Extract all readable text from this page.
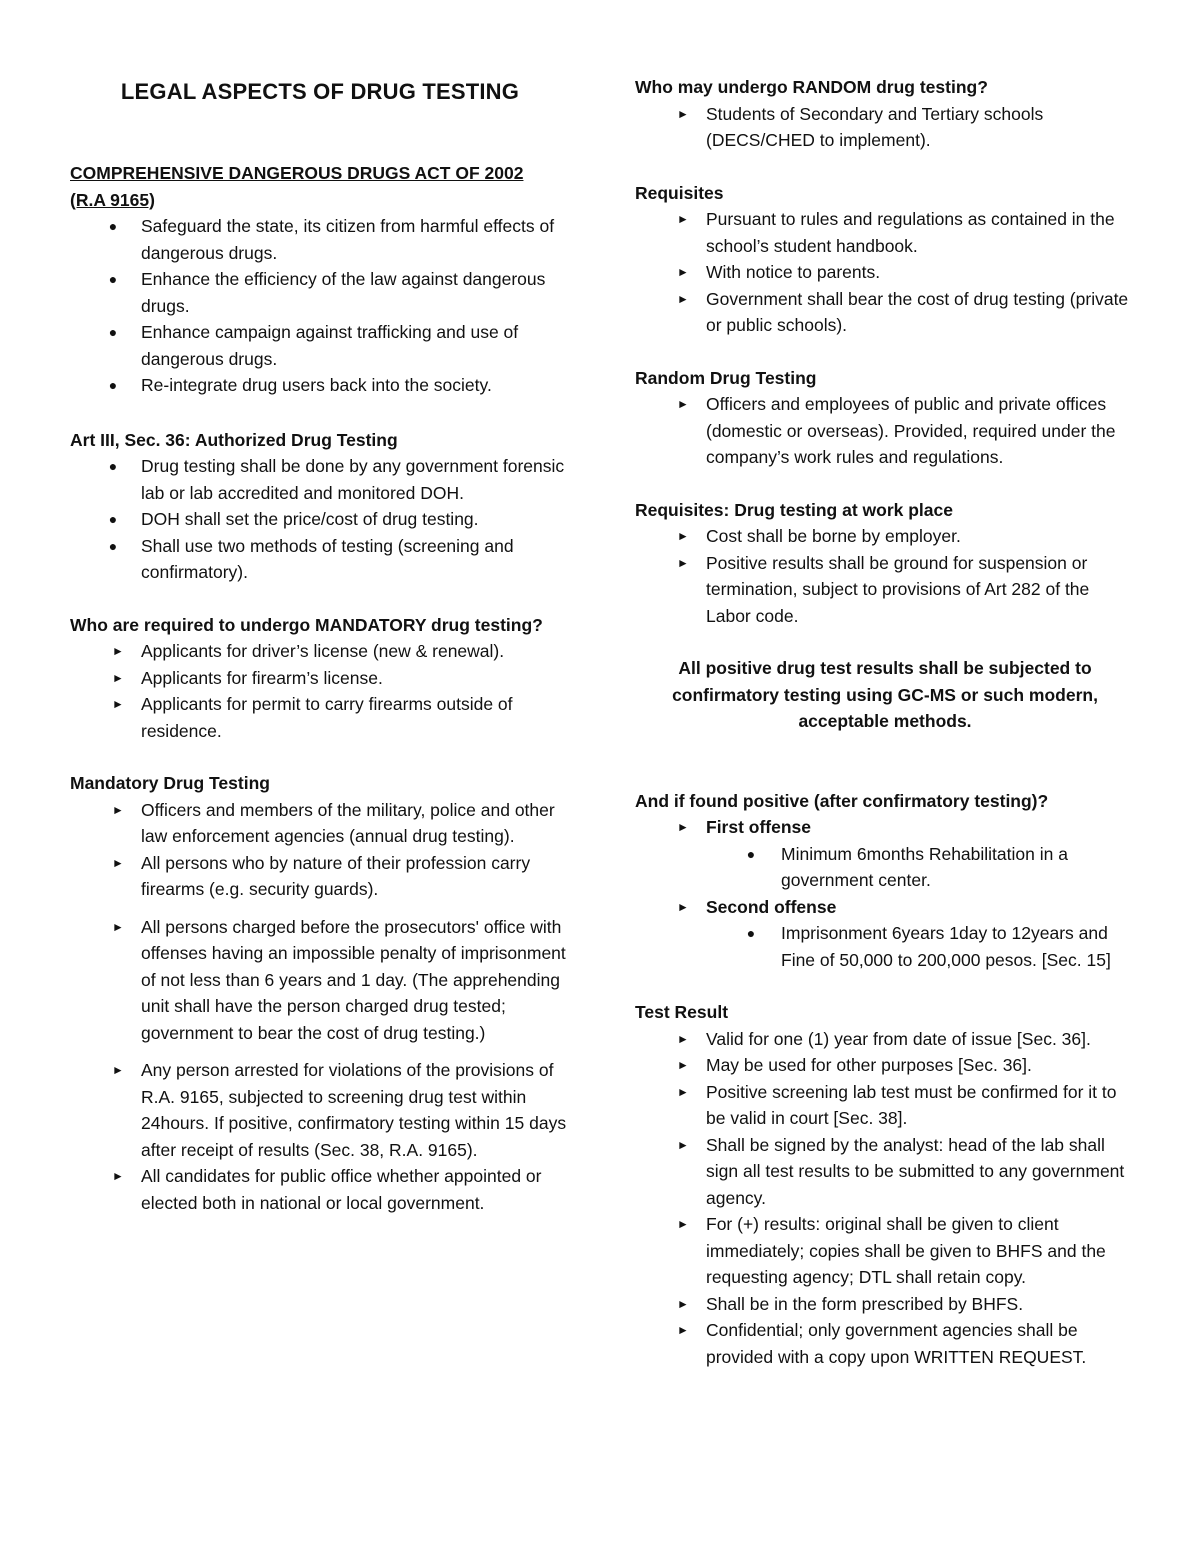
LEGAL ASPECTS OF DRUG TESTING

COMPREHENSIVE DANGEROUS DRUGS ACT OF 2002

(R.A 9165)

●	Safeguard the state, its citizen from harmful effects of dangerous drugs.
●	Enhance the efficiency of the law against dangerous drugs.
●	Enhance campaign against trafficking and use of dangerous drugs.
●	Re-integrate drug users back into the society.

Art III, Sec. 36: Authorized Drug Testing

●	Drug testing shall be done by any government forensic lab or lab accredited and monitored DOH.
●	DOH shall set the price/cost of drug testing.
●	Shall use two methods of testing (screening and confirmatory).

Who are required to undergo MANDATORY drug testing?

► Applicants for driver’s license (new & renewal).
► Applicants for firearm’s license.
► Applicants for permit to carry firearms outside of residence.

Mandatory Drug Testing

► Officers and members of the military, police and other law enforcement agencies (annual drug testing).
► All persons who by nature of their profession carry firearms (e.g. security guards).
► All persons charged before the prosecutors' office with offenses having an impossible penalty of imprisonment of not less than 6 years and 1 day. (The apprehending unit shall have the person charged drug tested; government to bear the cost of drug testing.)
► Any person arrested for violations of the provisions of R.A. 9165, subjected to screening drug test within 24hours. If positive, confirmatory testing within 15 days after receipt of results (Sec. 38, R.A. 9165).
► All candidates for public office whether appointed or elected both in national or local government.

Who may undergo RANDOM drug testing?

► Students of Secondary and Tertiary schools (DECS/CHED to implement).

Requisites

► Pursuant to rules and regulations as contained in the school’s student handbook.
► With notice to parents.
► Government shall bear the cost of drug testing (private or public schools).

Random Drug Testing

► Officers and employees of public and private offices (domestic or overseas). Provided, required under the company’s work rules and regulations.

Requisites: Drug testing at work place

► Cost shall be borne by employer.
► Positive results shall be ground for suspension or termination, subject to provisions of Art 282 of the Labor code.

All positive drug test results shall be subjected to confirmatory testing using GC-MS or such modern, acceptable methods.

And if found positive (after confirmatory testing)?

► First offense
●	Minimum 6months Rehabilitation in a government center.
► Second offense
●	Imprisonment 6years 1day to 12years and Fine of 50,000 to 200,000 pesos. [Sec. 15]

Test Result

► Valid for one (1) year from date of issue [Sec. 36].
► May be used for other purposes [Sec. 36].
► Positive screening lab test must be confirmed for it to be valid in court [Sec. 38].
► Shall be signed by the analyst: head of the lab shall sign all test results to be submitted to any government agency.
► For (+) results: original shall be given to client immediately; copies shall be given to BHFS and the requesting agency; DTL shall retain copy.
► Shall be in the form prescribed by BHFS.
► Confidential; only government agencies shall be provided with a copy upon WRITTEN REQUEST.
